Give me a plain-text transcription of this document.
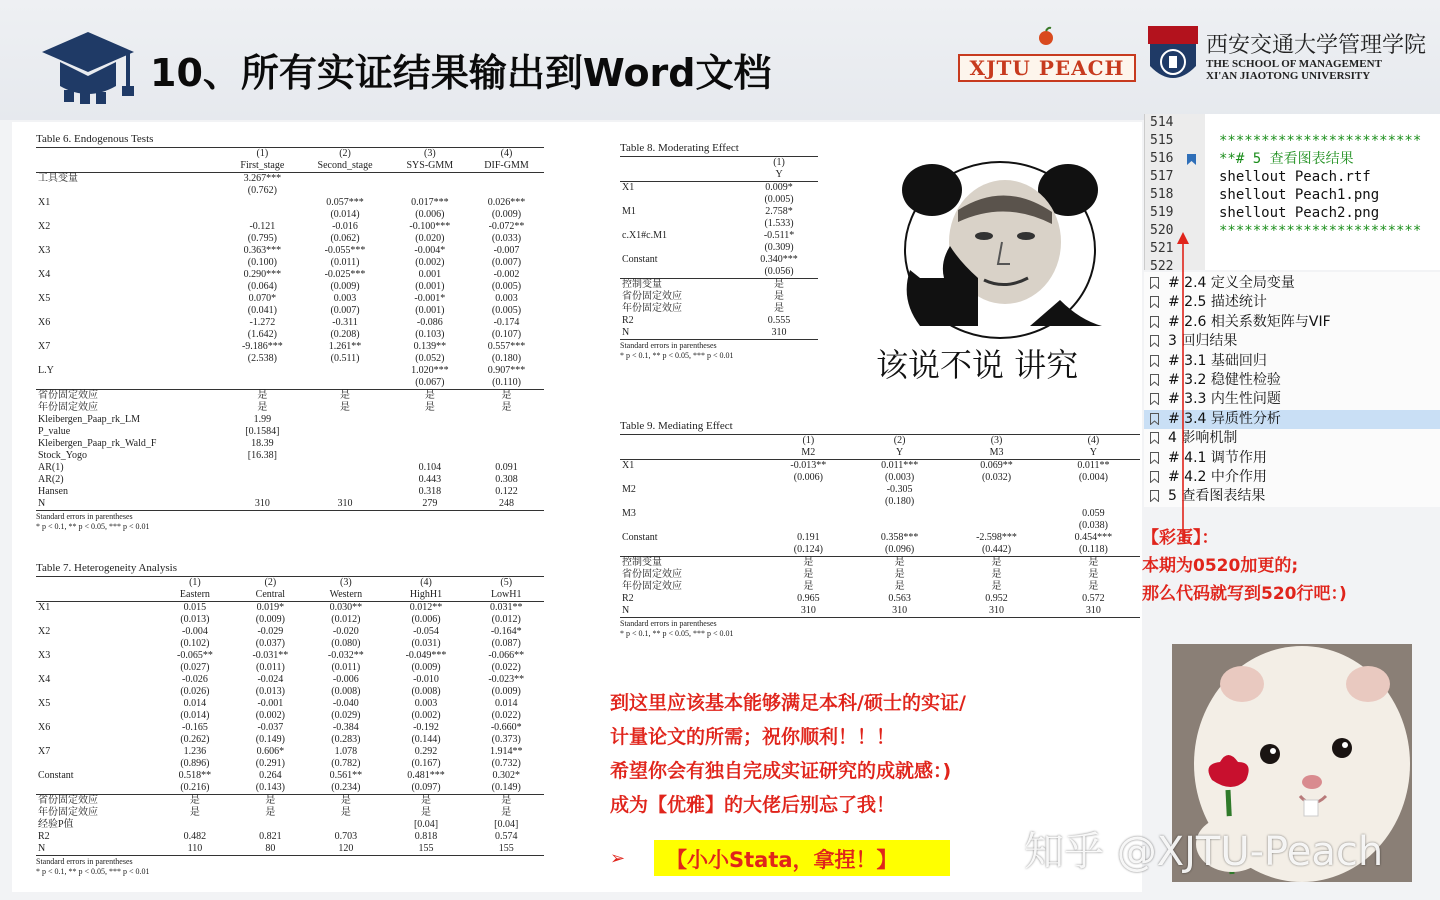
10、所有实证结果输出到Word文档	XJTU PEACH
西安交通大学管理学院
THE SCHOOL OF MANAGEMENT
XI'AN JIAOTONG UNIVERSITY
Table 6. Endogenous Tests
	(1)	(2)	(3)	(4)
	First_stage	Second_stage	SYS-GMM	DIF-GMM
工具变量	3.267***			
	(0.762)			
X1		0.057***	0.017***	0.026***
		(0.014)	(0.006)	(0.009)
X2	-0.121	-0.016	-0.100***	-0.072**
	(0.795)	(0.062)	(0.020)	(0.033)
X3	0.363***	-0.055***	-0.004*	-0.007
	(0.100)	(0.011)	(0.002)	(0.007)
X4	0.290***	-0.025***	0.001	-0.002
	(0.064)	(0.009)	(0.001)	(0.005)
X5	0.070*	0.003	-0.001*	0.003
	(0.041)	(0.007)	(0.001)	(0.005)
X6	-1.272	-0.311	-0.086	-0.174
	(1.642)	(0.208)	(0.103)	(0.107)
X7	-9.186***	1.261**	0.139**	0.557***
	(2.538)	(0.511)	(0.052)	(0.180)
L.Y			1.020***	0.907***
			(0.067)	(0.110)
省份固定效应	是	是	是	是
年份固定效应	是	是	是	是
Kleibergen_Paap_rk_LM	1.99			
P_value	[0.1584]			
Kleibergen_Paap_rk_Wald_F	18.39			
Stock_Yogo	[16.38]			
AR(1)			0.104	0.091
AR(2)			0.443	0.308
Hansen			0.318	0.122
N	310	310	279	248
Standard errors in parentheses
* p < 0.1, ** p < 0.05, *** p < 0.01
Table 7. Heterogeneity Analysis
	(1)	(2)	(3)	(4)	(5)
	Eastern	Central	Western	HighH1	LowH1
X1	0.015	0.019*	0.030**	0.012**	0.031**
	(0.013)	(0.009)	(0.012)	(0.006)	(0.012)
X2	-0.004	-0.029	-0.020	-0.054	-0.164*
	(0.102)	(0.037)	(0.080)	(0.031)	(0.087)
X3	-0.065**	-0.031**	-0.032**	-0.049***	-0.066**
	(0.027)	(0.011)	(0.011)	(0.009)	(0.022)
X4	-0.026	-0.024	-0.006	-0.010	-0.023**
	(0.026)	(0.013)	(0.008)	(0.008)	(0.009)
X5	0.014	-0.001	-0.040	0.003	0.014
	(0.014)	(0.002)	(0.029)	(0.002)	(0.022)
X6	-0.165	-0.037	-0.384	-0.192	-0.660*
	(0.262)	(0.149)	(0.283)	(0.144)	(0.373)
X7	1.236	0.606*	1.078	0.292	1.914**
	(0.896)	(0.291)	(0.782)	(0.167)	(0.732)
Constant	0.518**	0.264	0.561**	0.481***	0.302*
	(0.216)	(0.143)	(0.234)	(0.097)	(0.149)
省份固定效应	是	是	是	是	是
年份固定效应	是	是	是	是	是
经验P值				[0.04]	[0.04]
R2	0.482	0.821	0.703	0.818	0.574
N	110	80	120	155	155
Standard errors in parentheses
* p < 0.1, ** p < 0.05, *** p < 0.01
Table 8. Moderating Effect
	(1)
	Y
X1	0.009*
	(0.005)
M1	2.758*
	(1.533)
c.X1#c.M1	-0.511*
	(0.309)
Constant	0.340***
	(0.056)
控制变量	是
省份固定效应	是
年份固定效应	是
R2	0.555
N	310
Standard errors in parentheses
* p < 0.1, ** p < 0.05, *** p < 0.01
Table 9. Mediating Effect
	(1)	(2)	(3)	(4)
	M2	Y	M3	Y
X1	-0.013**	0.011***	0.069**	0.011**
	(0.006)	(0.003)	(0.032)	(0.004)
M2		-0.305		
		(0.180)		
M3				0.059
				(0.038)
Constant	0.191	0.358***	-2.598***	0.454***
	(0.124)	(0.096)	(0.442)	(0.118)
控制变量	是	是	是	是
省份固定效应	是	是	是	是
年份固定效应	是	是	是	是
R2	0.965	0.563	0.952	0.572
N	310	310	310	310
Standard errors in parentheses
* p < 0.1, ** p < 0.05, *** p < 0.01
该说不说 讲究
514
515	************************
516	**# 5 查看图表结果
517	shellout Peach.rtf
518	shellout Peach1.png
519	shellout Peach2.png
520	************************
521
522
# 2.4 定义全局变量
# 2.5 描述统计
# 2.6 相关系数矩阵与VIF
3 回归结果
# 3.1 基础回归
# 3.2 稳健性检验
# 3.3 内生性问题
# 3.4 异质性分析
4 影响机制
# 4.1 调节作用
# 4.2 中介作用
5 查看图表结果
【彩蛋】：
本期为0520加更的;
那么代码就写到520行吧：)
到这里应该基本能够满足本科/硕士的实证/
计量论文的所需；祝你顺利！！！
希望你会有独自完成实证研究的成就感：)
成为【优雅】的大佬后别忘了我！
➢ 【小小Stata，拿捏！】	知乎 @XJTU-Peach
